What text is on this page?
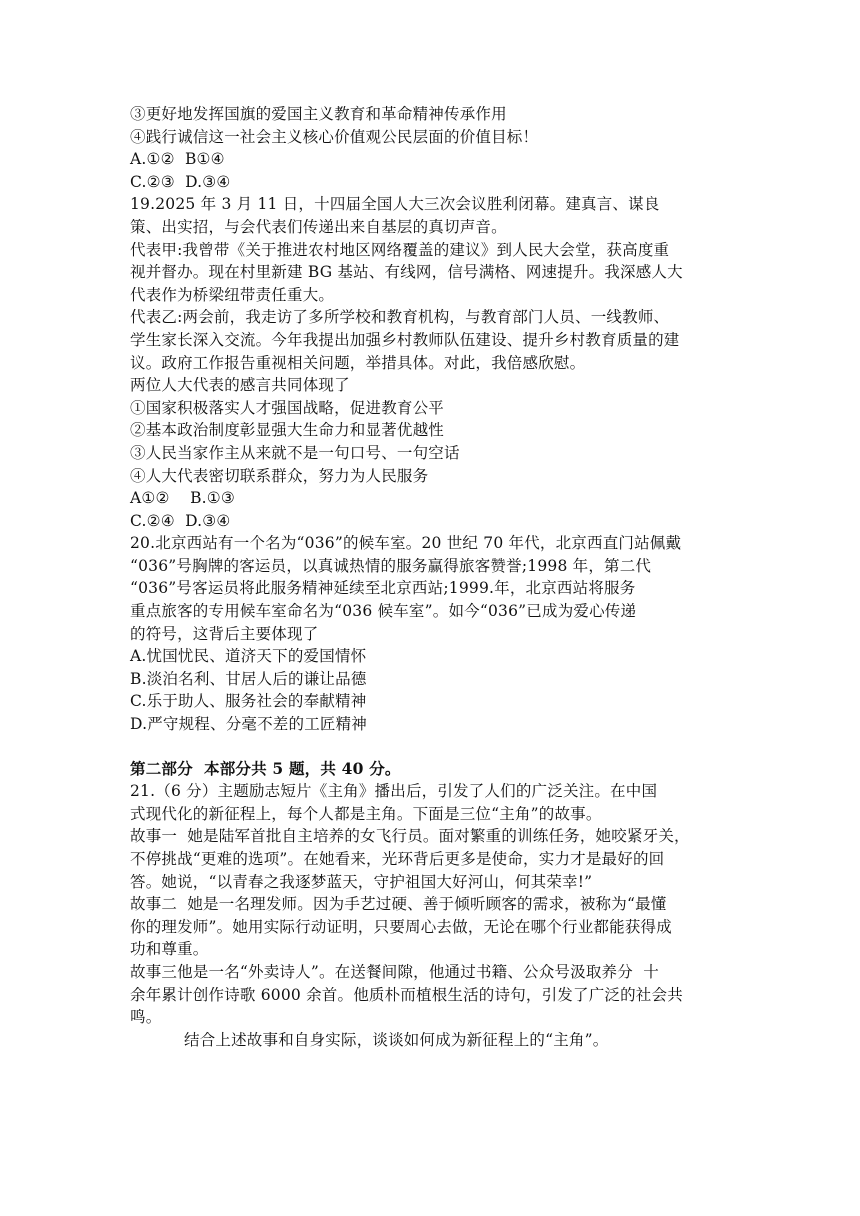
③更好地发挥国旗的爱国主义教育和革命精神传承作用
④践行诚信这一社会主义核心价值观公民层面的价值目标！
A.①②  B①④
C.②③  D.③④
19.2025 年 3 月 11 日，十四届全国人大三次会议胜利闭幕。建真言、谋良
策、出实招，与会代表们传递出来自基层的真切声音。
代表甲:我曾带《关于推进农村地区网络覆盖的建议》到人民大会堂，获高度重
视并督办。现在村里新建 BG 基站、有线网，信号满格、网速提升。我深感人大
代表作为桥梁纽带责任重大。
代表乙:两会前，我走访了多所学校和教育机构，与教育部门人员、一线教师、
学生家长深入交流。今年我提出加强乡村教师队伍建设、提升乡村教育质量的建
议。政府工作报告重视相关问题，举措具体。对此，我倍感欣慰。
两位人大代表的感言共同体现了
①国家积极落实人才强国战略，促进教育公平
②基本政治制度彰显强大生命力和显著优越性
③人民当家作主从来就不是一句口号、一句空话
④人大代表密切联系群众，努力为人民服务
A①②    B.①③
C.②④  D.③④
20.北京西站有一个名为“036”的候车室。20 世纪 70 年代，北京西直门站佩戴
“036”号胸牌的客运员，以真诚热情的服务赢得旅客赞誉;1998 年，第二代
“036”号客运员将此服务精神延续至北京西站;1999.年，北京西站将服务
重点旅客的专用候车室命名为“036 候车室”。如今“036”已成为爱心传递
的符号，这背后主要体现了
A.忧国忧民、道济天下的爱国情怀
B.淡泊名利、甘居人后的谦让品德
C.乐于助人、服务社会的奉献精神
D.严守规程、分毫不差的工匠精神
第二部分  本部分共 5 题，共 40 分。
21.（6 分）主题励志短片《主角》播出后，引发了人们的广泛关注。在中国
式现代化的新征程上，每个人都是主角。下面是三位“主角”的故事。
故事一  她是陆军首批自主培养的女飞行员。面对繁重的训练任务，她咬紧牙关，
不停挑战“更难的选项”。在她看来，光环背后更多是使命，实力才是最好的回
答。她说，“以青春之我逐梦蓝天，守护祖国大好河山，何其荣幸!”
故事二  她是一名理发师。因为手艺过硬、善于倾听顾客的需求，被称为“最懂
你的理发师”。她用实际行动证明，只要周心去做，无论在哪个行业都能获得成
功和尊重。
故事三他是一名“外卖诗人”。在送餐间隙，他通过书籍、公众号汲取养分  十
余年累计创作诗歌 6000 余首。他质朴而植根生活的诗句，引发了广泛的社会共
鸣。
结合上述故事和自身实际，谈谈如何成为新征程上的“主角”。
